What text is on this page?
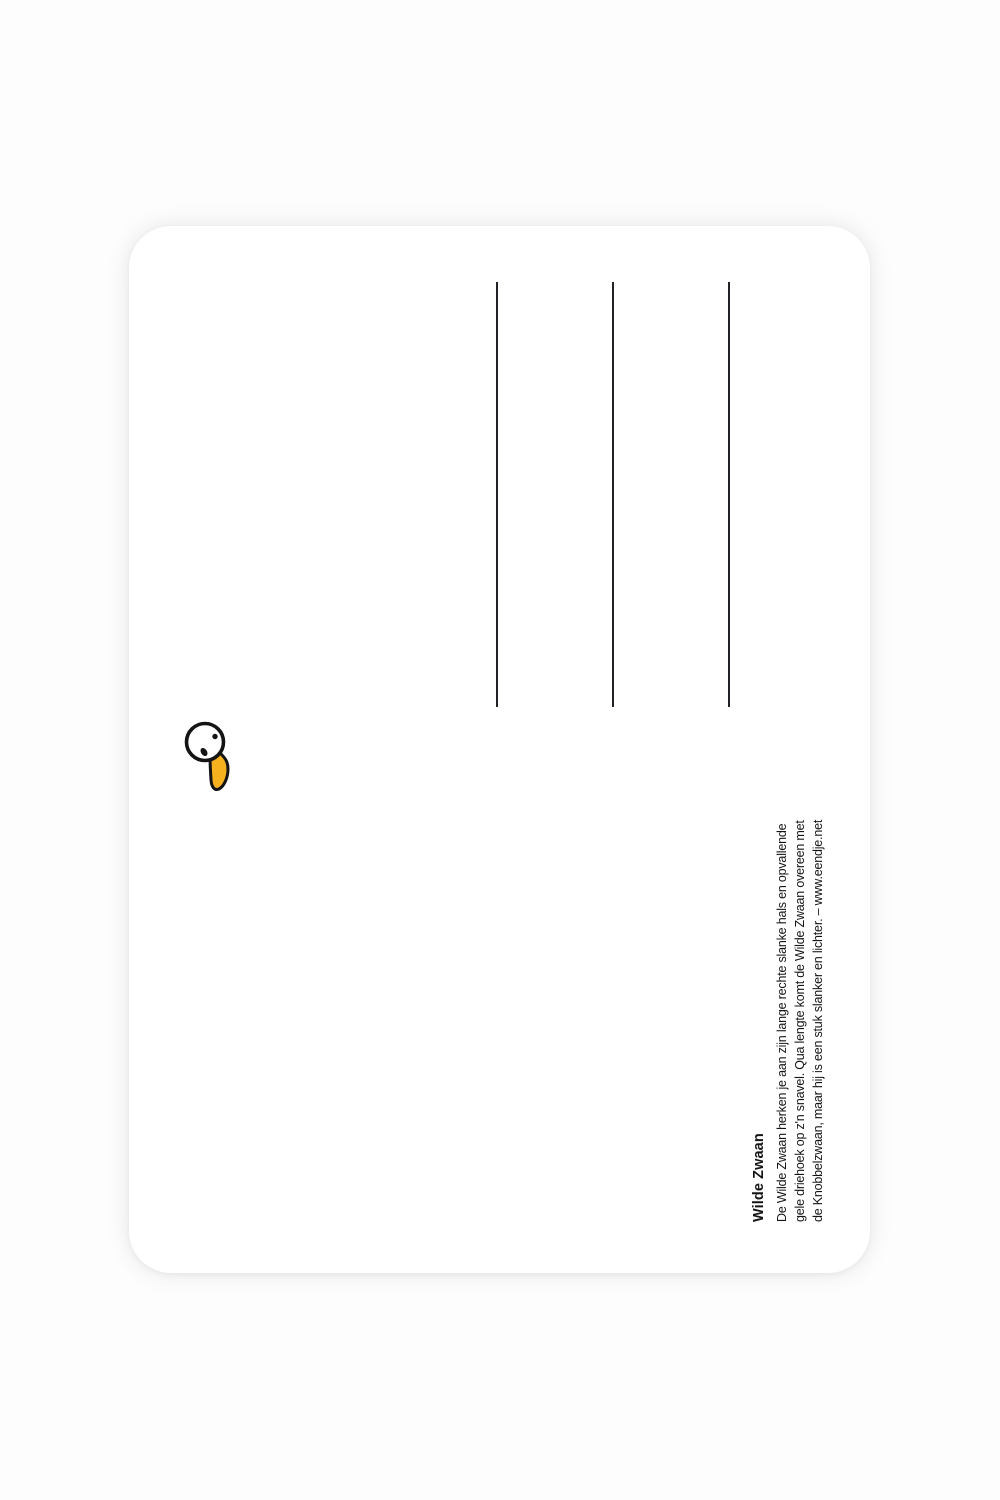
Wilde Zwaan De Wilde Zwaan herken je aan zijn lange rechte slanke hals en opvallende gele driehoek op z'n snavel. Qua lengte komt de Wilde Zwaan overeen met de Knobbelzwaan, maar hij is een stuk slanker en lichter. – www.eendje.net
